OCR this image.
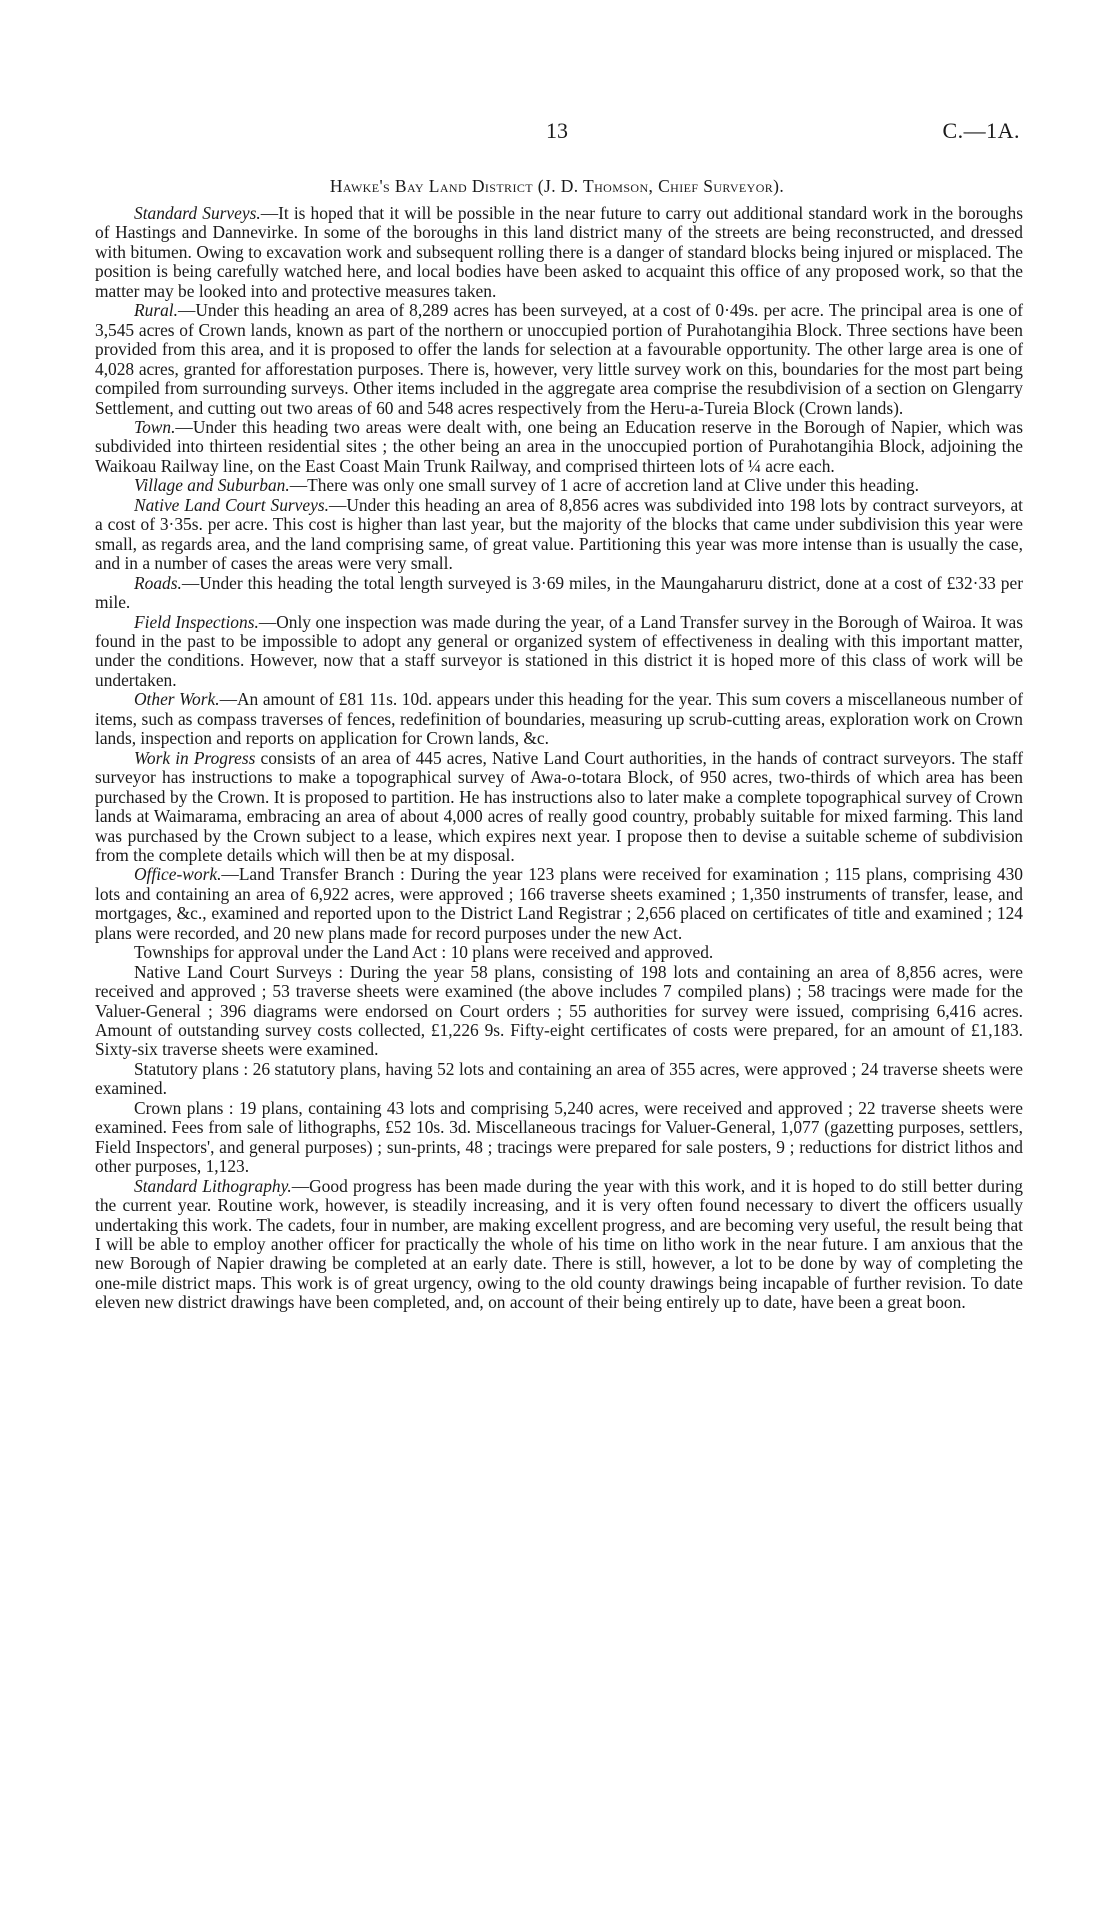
13	C.—1A.
Hawke's Bay Land District (J. D. Thomson, Chief Surveyor).

Standard Surveys.—It is hoped that it will be possible in the near future to carry out additional standard work in the boroughs of Hastings and Dannevirke. In some of the boroughs in this land district many of the streets are being reconstructed, and dressed with bitumen. Owing to excavation work and subsequent rolling there is a danger of standard blocks being injured or misplaced. The position is being carefully watched here, and local bodies have been asked to acquaint this office of any proposed work, so that the matter may be looked into and protective measures taken.

Rural.—Under this heading an area of 8,289 acres has been surveyed, at a cost of 0·49s. per acre. The principal area is one of 3,545 acres of Crown lands, known as part of the northern or unoccupied portion of Purahotangihia Block. Three sections have been provided from this area, and it is proposed to offer the lands for selection at a favourable opportunity. The other large area is one of 4,028 acres, granted for afforestation purposes. There is, however, very little survey work on this, boundaries for the most part being compiled from surrounding surveys. Other items included in the aggregate area comprise the resubdivision of a section on Glengarry Settlement, and cutting out two areas of 60 and 548 acres respectively from the Heru-a-Tureia Block (Crown lands).

Town.—Under this heading two areas were dealt with, one being an Education reserve in the Borough of Napier, which was subdivided into thirteen residential sites ; the other being an area in the unoccupied portion of Purahotangihia Block, adjoining the Waikoau Railway line, on the East Coast Main Trunk Railway, and comprised thirteen lots of ¼ acre each.

Village and Suburban.—There was only one small survey of 1 acre of accretion land at Clive under this heading.

Native Land Court Surveys.—Under this heading an area of 8,856 acres was subdivided into 198 lots by contract surveyors, at a cost of 3·35s. per acre. This cost is higher than last year, but the majority of the blocks that came under subdivision this year were small, as regards area, and the land comprising same, of great value. Partitioning this year was more intense than is usually the case, and in a number of cases the areas were very small.

Roads.—Under this heading the total length surveyed is 3·69 miles, in the Maungaharuru district, done at a cost of £32·33 per mile.

Field Inspections.—Only one inspection was made during the year, of a Land Transfer survey in the Borough of Wairoa. It was found in the past to be impossible to adopt any general or organized system of effectiveness in dealing with this important matter, under the conditions. However, now that a staff surveyor is stationed in this district it is hoped more of this class of work will be undertaken.

Other Work.—An amount of £81 11s. 10d. appears under this heading for the year. This sum covers a miscellaneous number of items, such as compass traverses of fences, redefinition of boundaries, measuring up scrub-cutting areas, exploration work on Crown lands, inspection and reports on application for Crown lands, &c.

Work in Progress consists of an area of 445 acres, Native Land Court authorities, in the hands of contract surveyors. The staff surveyor has instructions to make a topographical survey of Awa-o-totara Block, of 950 acres, two-thirds of which area has been purchased by the Crown. It is proposed to partition. He has instructions also to later make a complete topographical survey of Crown lands at Waimarama, embracing an area of about 4,000 acres of really good country, probably suitable for mixed farming. This land was purchased by the Crown subject to a lease, which expires next year. I propose then to devise a suitable scheme of subdivision from the complete details which will then be at my disposal.

Office-work.—Land Transfer Branch : During the year 123 plans were received for examination ; 115 plans, comprising 430 lots and containing an area of 6,922 acres, were approved ; 166 traverse sheets examined ; 1,350 instruments of transfer, lease, and mortgages, &c., examined and reported upon to the District Land Registrar ; 2,656 placed on certificates of title and examined ; 124 plans were recorded, and 20 new plans made for record purposes under the new Act.

Townships for approval under the Land Act : 10 plans were received and approved.

Native Land Court Surveys : During the year 58 plans, consisting of 198 lots and containing an area of 8,856 acres, were received and approved ; 53 traverse sheets were examined (the above includes 7 compiled plans) ; 58 tracings were made for the Valuer-General ; 396 diagrams were endorsed on Court orders ; 55 authorities for survey were issued, comprising 6,416 acres. Amount of outstanding survey costs collected, £1,226 9s. Fifty-eight certificates of costs were prepared, for an amount of £1,183. Sixty-six traverse sheets were examined.

Statutory plans : 26 statutory plans, having 52 lots and containing an area of 355 acres, were approved ; 24 traverse sheets were examined.

Crown plans : 19 plans, containing 43 lots and comprising 5,240 acres, were received and approved ; 22 traverse sheets were examined. Fees from sale of lithographs, £52 10s. 3d. Miscellaneous tracings for Valuer-General, 1,077 (gazetting purposes, settlers, Field Inspectors', and general purposes) ; sun-prints, 48 ; tracings were prepared for sale posters, 9 ; reductions for district lithos and other purposes, 1,123.

Standard Lithography.—Good progress has been made during the year with this work, and it is hoped to do still better during the current year. Routine work, however, is steadily increasing, and it is very often found necessary to divert the officers usually undertaking this work. The cadets, four in number, are making excellent progress, and are becoming very useful, the result being that I will be able to employ another officer for practically the whole of his time on litho work in the near future. I am anxious that the new Borough of Napier drawing be completed at an early date. There is still, however, a lot to be done by way of completing the one-mile district maps. This work is of great urgency, owing to the old county drawings being incapable of further revision. To date eleven new district drawings have been completed, and, on account of their being entirely up to date, have been a great boon.
